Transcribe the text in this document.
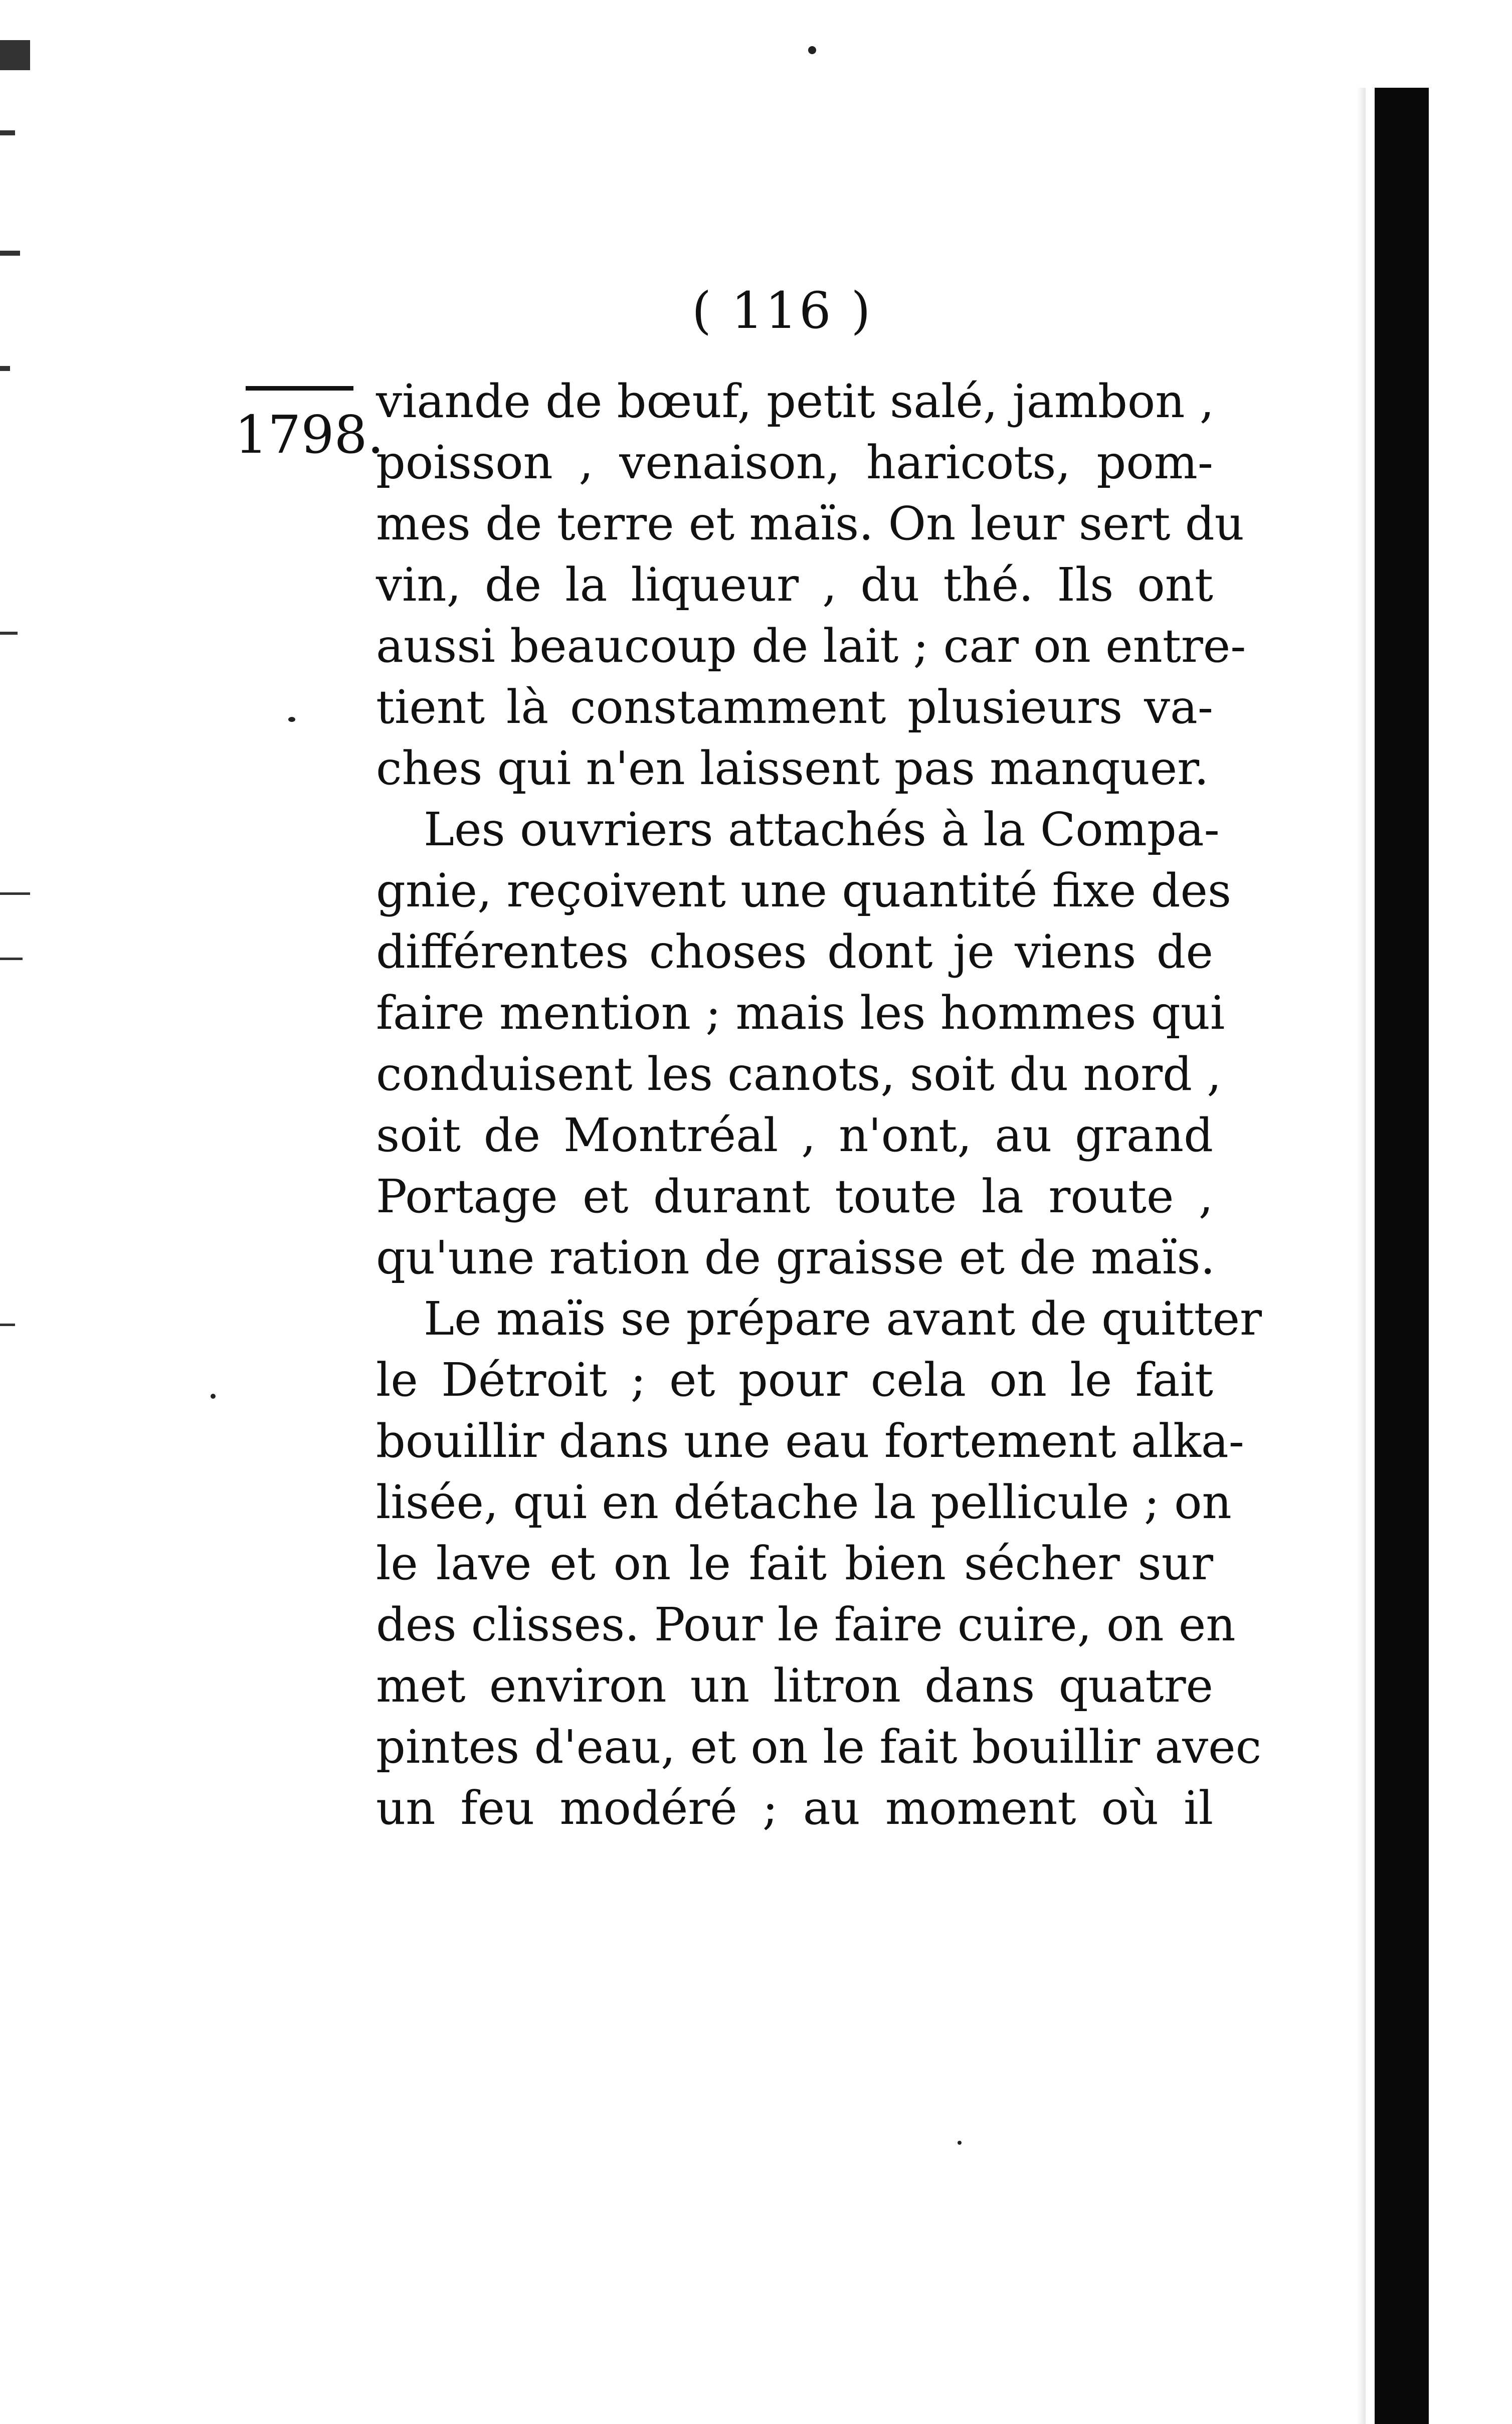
( 116 )
1798.
viande de bœuf, petit salé, jambon ,
poisson , venaison, haricots, pom-
mes de terre et maïs. On leur sert du
vin, de la liqueur , du thé. Ils ont
aussi beaucoup de lait ; car on entre-
tient là constamment plusieurs va-
ches qui n'en laissent pas manquer.
Les ouvriers attachés à la Compa-
gnie, reçoivent une quantité fixe des
différentes choses dont je viens de
faire mention ; mais les hommes qui
conduisent les canots, soit du nord ,
soit de Montréal , n'ont, au grand
Portage et durant toute la route ,
qu'une ration de graisse et de maïs.
Le maïs se prépare avant de quitter
le Détroit ; et pour cela on le fait
bouillir dans une eau fortement alka-
lisée, qui en détache la pellicule ; on
le lave et on le fait bien sécher sur
des clisses. Pour le faire cuire, on en
met environ un litron dans quatre
pintes d'eau, et on le fait bouillir avec
un feu modéré ; au moment où il
